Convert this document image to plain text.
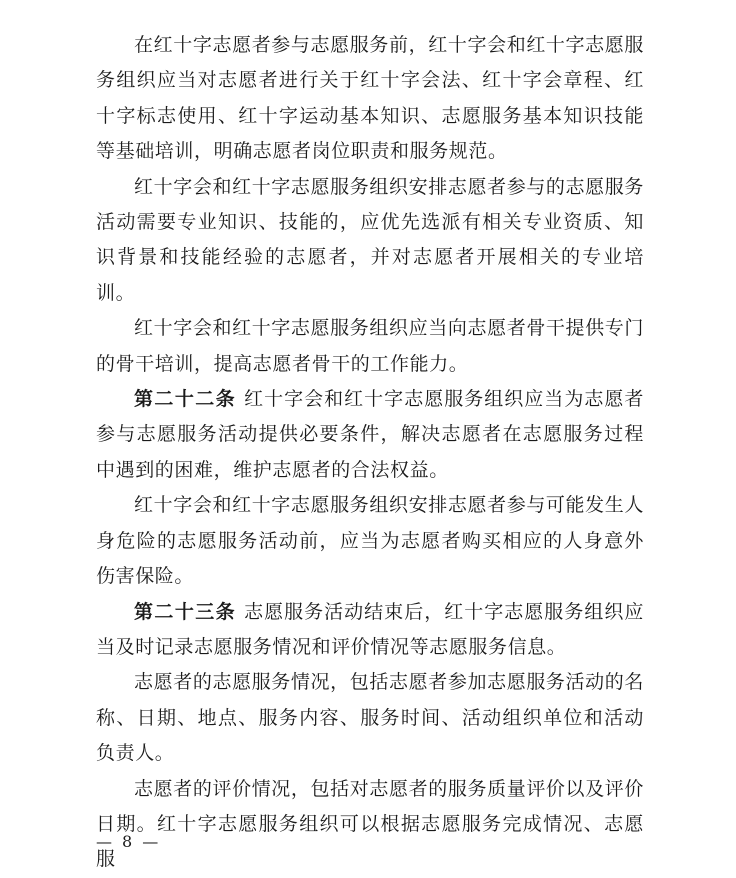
在红十字志愿者参与志愿服务前，红十字会和红十字志愿服务组织应当对志愿者进行关于红十字会法、红十字会章程、红十字标志使用、红十字运动基本知识、志愿服务基本知识技能等基础培训，明确志愿者岗位职责和服务规范。

红十字会和红十字志愿服务组织安排志愿者参与的志愿服务活动需要专业知识、技能的，应优先选派有相关专业资质、知识背景和技能经验的志愿者，并对志愿者开展相关的专业培训。

红十字会和红十字志愿服务组织应当向志愿者骨干提供专门的骨干培训，提高志愿者骨干的工作能力。

第二十二条 红十字会和红十字志愿服务组织应当为志愿者参与志愿服务活动提供必要条件，解决志愿者在志愿服务过程中遇到的困难，维护志愿者的合法权益。

红十字会和红十字志愿服务组织安排志愿者参与可能发生人身危险的志愿服务活动前，应当为志愿者购买相应的人身意外伤害保险。

第二十三条 志愿服务活动结束后，红十字志愿服务组织应当及时记录志愿服务情况和评价情况等志愿服务信息。

志愿者的志愿服务情况，包括志愿者参加志愿服务活动的名称、日期、地点、服务内容、服务时间、活动组织单位和活动负责人。

志愿者的评价情况，包括对志愿者的服务质量评价以及评价日期。红十字志愿服务组织可以根据志愿服务完成情况、志愿服

— 8 —
